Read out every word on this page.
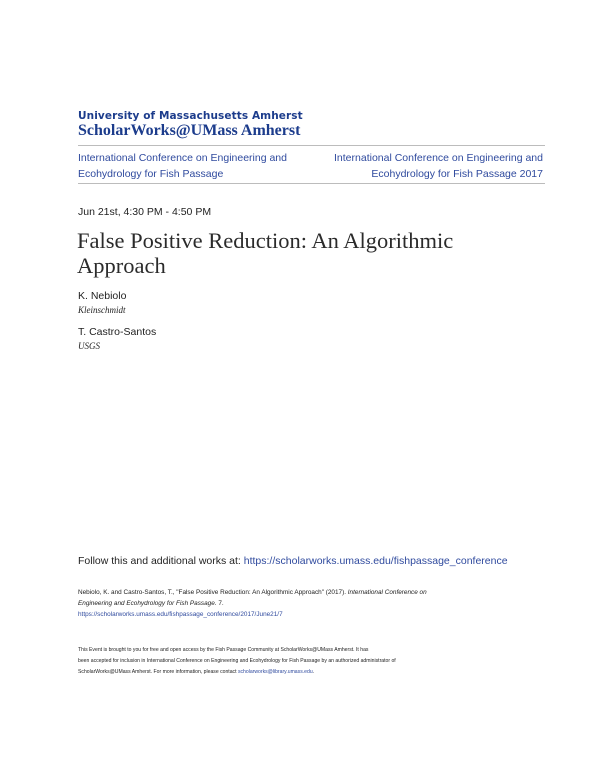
University of Massachusetts Amherst
ScholarWorks@UMass Amherst
International Conference on Engineering and
Ecohydrology for Fish Passage
International Conference on Engineering and
Ecohydrology for Fish Passage 2017
Jun 21st, 4:30 PM - 4:50 PM
False Positive Reduction: An Algorithmic
Approach
K. Nebiolo
Kleinschmidt
T. Castro-Santos
USGS
Follow this and additional works at: https://scholarworks.umass.edu/fishpassage_conference
Nebiolo, K. and Castro-Santos, T., "False Positive Reduction: An Algorithmic Approach" (2017). International Conference on
Engineering and Ecohydrology for Fish Passage. 7.
https://scholarworks.umass.edu/fishpassage_conference/2017/June21/7
This Event is brought to you for free and open access by the Fish Passage Community at ScholarWorks@UMass Amherst. It has
been accepted for inclusion in International Conference on Engineering and Ecohydrology for Fish Passage by an authorized administrator of
ScholarWorks@UMass Amherst. For more information, please contact scholarworks@library.umass.edu.
